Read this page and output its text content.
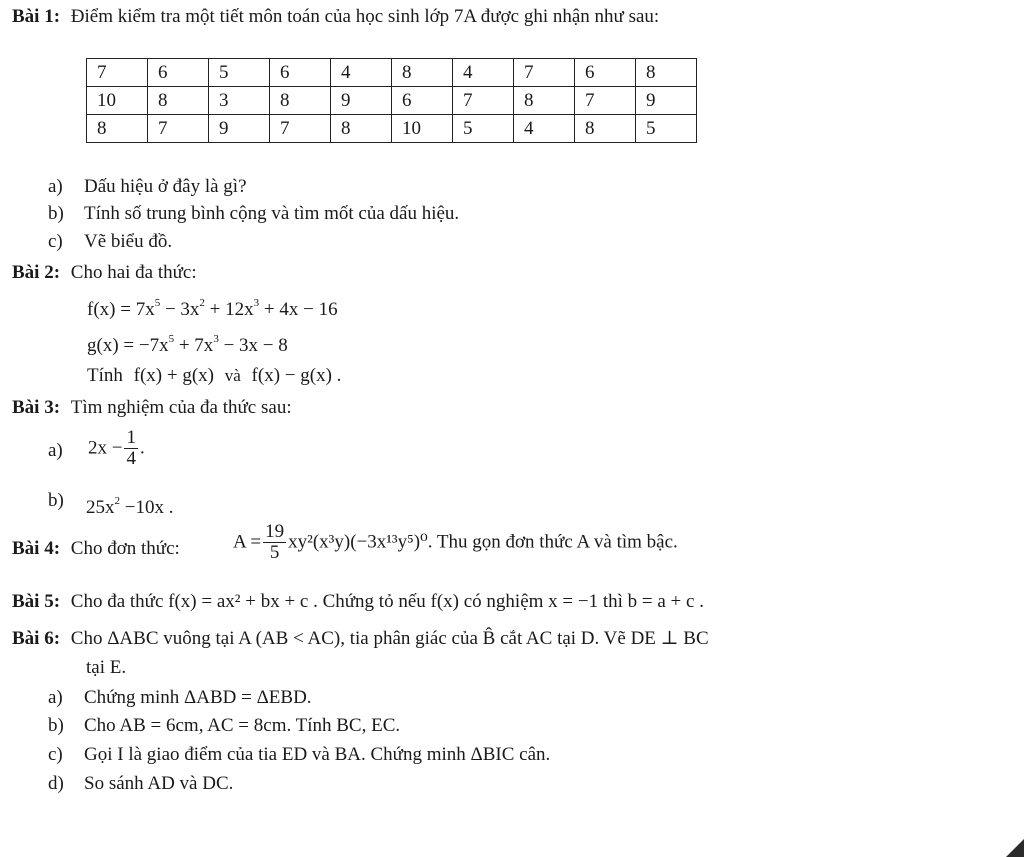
Bài 1: Điểm kiểm tra một tiết môn toán của học sinh lớp 7A được ghi nhận như sau:
7	6	5	6	4	8	4	7	6	8
10	8	3	8	9	6	7	8	7	9
8	7	9	7	8	10	5	4	8	5
a) Dấu hiệu ở đây là gì?
b) Tính số trung bình cộng và tìm mốt của dấu hiệu.
c) Vẽ biểu đồ.
Bài 2: Cho hai đa thức:
$f(x) = 7x^5 - 3x^2 + 12x^3 + 4x - 16$
$g(x) = -7x^5 + 7x^3 - 3x - 8$
Tính f(x) + g(x) và f(x) − g(x) .
Bài 3: Tìm nghiệm của đa thức sau:
a) $2x - \frac{1}{4}$ .
b) $25x^2 -10x$ .
Bài 4: Cho đơn thức:	$A = \frac{19}{5} xy^2(x^3y)(-3x^{13}y^5)^0$. Thu gọn đơn thức A và tìm bậc.
Bài 5: Cho đa thức f(x) = ax² + bx + c . Chứng tỏ nếu f(x) có nghiệm x = −1 thì b = a + c .
Bài 6: Cho ΔABC vuông tại A (AB < AC), tia phân giác của B̂ cắt AC tại D. Vẽ DE ⊥ BC
tại E.
a) Chứng minh ΔABD = ΔEBD.
b) Cho AB = 6cm, AC = 8cm. Tính BC, EC.
c) Gọi I là giao điểm của tia ED và BA. Chứng minh ΔBIC cân.
d) So sánh AD và DC.
